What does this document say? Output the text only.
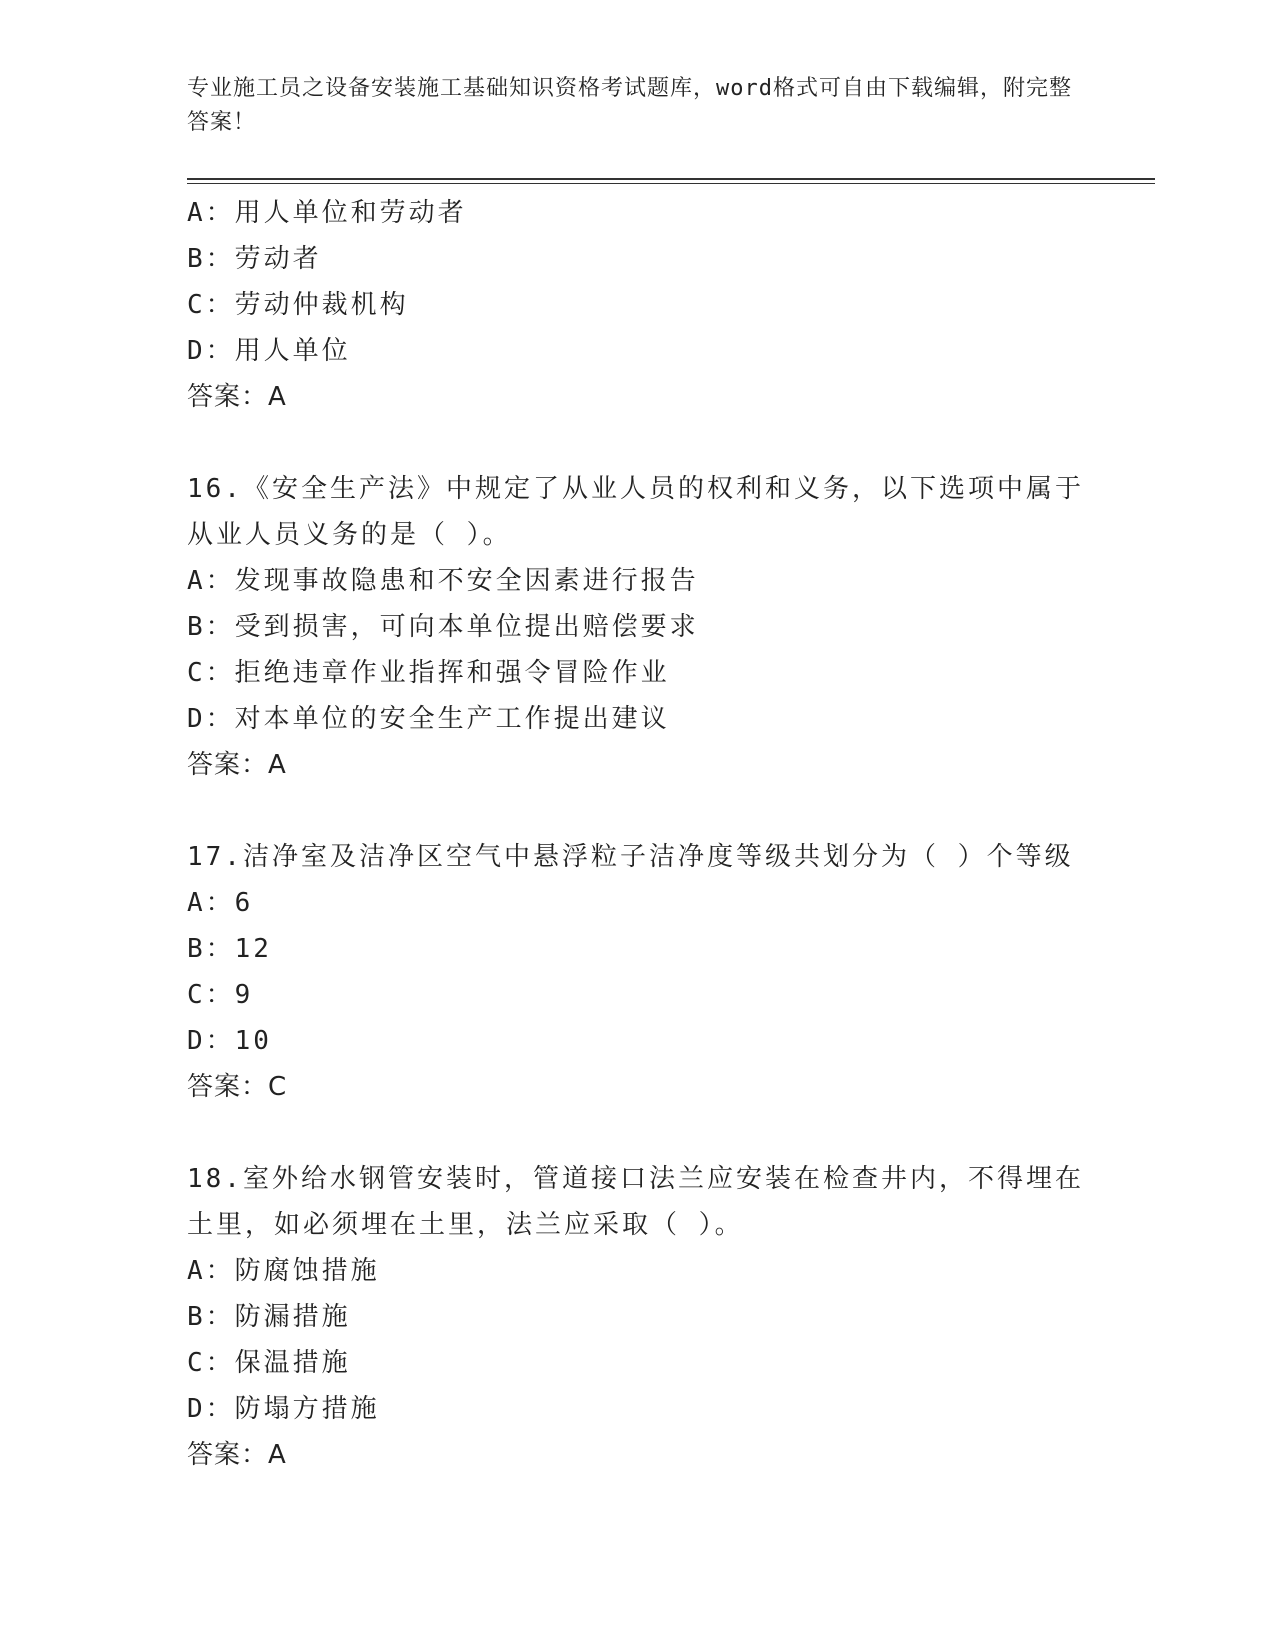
专业施工员之设备安装施工基础知识资格考试题库，word格式可自由下载编辑，附完整答案！

A：用人单位和劳动者

B：劳动者

C：劳动仲裁机构

D：用人单位

答案：A

16.《安全生产法》中规定了从业人员的权利和义务，以下选项中属于从业人员义务的是（ ）。

A：发现事故隐患和不安全因素进行报告

B：受到损害，可向本单位提出赔偿要求

C：拒绝违章作业指挥和强令冒险作业

D：对本单位的安全生产工作提出建议

答案：A

17.洁净室及洁净区空气中悬浮粒子洁净度等级共划分为（ ）个等级

A：6

B：12

C：9

D：10

答案：C

18.室外给水钢管安装时，管道接口法兰应安装在检查井内，不得埋在土里，如必须埋在土里，法兰应采取（ ）。

A：防腐蚀措施

B：防漏措施

C：保温措施

D：防塌方措施

答案：A
